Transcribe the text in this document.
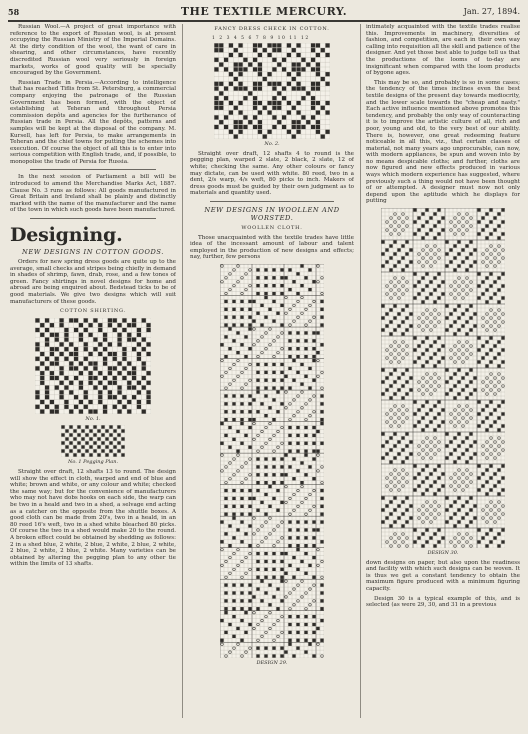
58	THE TEXTILE MERCURY.	Jan. 27, 1894.

Russian Wool.—A project of great importance with reference to the export of Russian wool, is at present occupying the Russian Ministry of the Imperial Domains. At the dirty condition of the wool, the want of care in shearing, and other circumstances, have recently discredited Russian wool very seriously in foreign markets, works of good quality will be specially encouraged by the Government.

Russian Trade in Persia.—According to intelligence that has reached Tiflis from St. Petersburg, a commercial company enjoying the patronage of the Russian Government has been formed, with the object of establishing at Teheran and throughout Persia commission depôts and agencies for the furtherance of Russian trade in Persia. All the depôts, patterns and samples will be kept at the disposal of the company. M. Kursell, has left for Persia, to make arrangements in Teheran and the chief towns for putting the schemes into execution. Of course the object of all this is to enter into serious competition with English trade, and, if possible, to monopolise the trade of Persia for Russia.

In the next session of Parliament a bill will be introduced to amend the Merchandise Marks Act, 1887. Clause No. 3 runs as follows: All goods manufactured in Great Britain and Ireland shall be plainly and distinctly marked with the name of the manufacturer and the name of the town in which such goods have been manufactured.

Designing.
NEW DESIGNS IN COTTON GOODS.

Orders for new spring dress goods are quite up to the average, small checks and stripes being chiefly in demand in shades of shrimp, fawn, drab, rose, and a few tones of green. Fancy shirtings in novel designs for home and abroad are being enquired about. Bedstead ticks to be of good materials. We give two designs which will suit manufacturers of these goods.

COTTON SHIRTING.
No. 1.
No. 1 Pegging Plan.

Straight over draft, 12 shafts 13 to round. The design will show the effect in cloth, warped and end of blue and white; brown and white, or any colour and white; checked the same way; but for the convenience of manufacturers who may not have dobs hooks on each side, the warp can be two in a heald and two in a shed, a selvage end acting as a catcher on the opposite from the shuttle boxes. A good cloth can be made from 20's, two in a heald, in an 80 reed 16's weft, two in a shed white bleached 80 picks. Of course the two in a shed would make 20 to the round. A broken effect could be obtained by shedding as follows: 2 in a shed blue, 2 white, 2 blue, 2 white, 2 blue, 2 white, 2 blue, 2 white, 2 blue, 2 white. Many varieties can be obtained by altering the pegging plan to any other tie within the limits of 13 shafts.

FANCY DRESS CHECK IN COTTON.
1 2 3 4 5 6 7 8 9 10 11 12
No. 2.

Straight over draft, 12 shafts 4 to round is the pegging plan, warped 2 slate, 2 black, 2 slate, 12 of white; checking the same. Any other colours or fancy may dictate, can be used with white. 80 reed, two in a dent, 2/s warp, 4/s weft, 80 picks to inch. Makers of dress goods must be guided by their own judgment as to materials and quantity used.

NEW DESIGNS IN WOOLLEN AND WORSTED.
WOOLLEN CLOTH.

Those unacquainted with the textile trades have little idea of the incessant amount of labour and talent employed in the production of new designs and effects; nay, further, few persons

DESIGN 29.

intimately acquainted with the textile trades realise this. Improvements in machinery, diversities of fashion, and competition, are each in their own way calling into requisition all the skill and patience of the designer. And yet those best able to judge tell us that the productions of the looms of to-day are insignificant when compared with the loom products of bygone ages.

This may be so, and probably is so in some cases; the tendency of the times inclines even the best textile designs of the present day towards mediocrity, and the lower scale towards the "cheap and nasty." Each active influence mentioned above promotes this tendency, and probably the only way of counteracting it is to improve the artistic culture of all, rich and poor, young and old, to the very best of our ability. There is, however, one great redeeming feature noticeable in all this, viz., that certain classes of material, not many years ago unprocurable, can now, with modern appliances, be spun and woven into by no means despicable cloths; and further, cloths are now figured and new effects produced in various ways which modern experience has suggested, where previously such a thing would not have been thought of or attempted. A designer must now not only depend upon the aptitude which he displays for putting

DESIGN 30.

down designs on paper, but also upon the readiness and facility with which such designs can be woven. It is thus we get a constant tendency to obtain the maximum figure produced with a minimum figuring capacity.

Design 30 is a typical example of this, and is selected (as were 29, 30, and 31 in a previous
